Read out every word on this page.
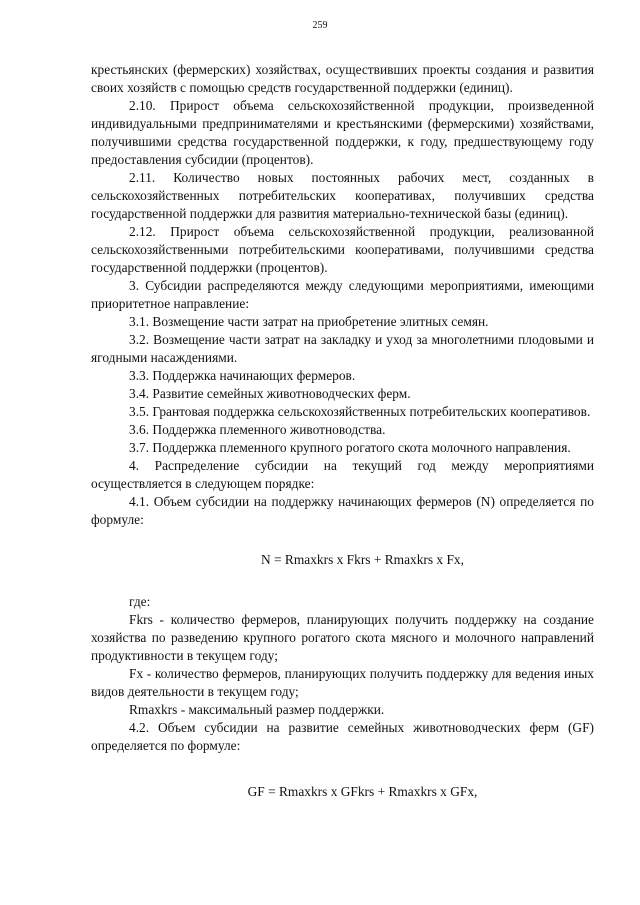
259

крестьянских (фермерских) хозяйствах, осуществивших проекты создания и развития своих хозяйств с помощью средств государственной поддержки (единиц).

2.10. Прирост объема сельскохозяйственной продукции, произведенной индивидуальными предпринимателями и крестьянскими (фермерскими) хозяйствами, получившими средства государственной поддержки, к году, предшествующему году предоставления субсидии (процентов).

2.11. Количество новых постоянных рабочих мест, созданных в сельскохозяйственных потребительских кооперативах, получивших средства государственной поддержки для развития материально-технической базы (единиц).

2.12. Прирост объема сельскохозяйственной продукции, реализованной сельскохозяйственными потребительскими кооперативами, получившими средства государственной поддержки (процентов).

3. Субсидии распределяются между следующими мероприятиями, имеющими приоритетное направление:

3.1. Возмещение части затрат на приобретение элитных семян.

3.2. Возмещение части затрат на закладку и уход за многолетними плодовыми и ягодными насаждениями.

3.3. Поддержка начинающих фермеров.

3.4. Развитие семейных животноводческих ферм.

3.5. Грантовая поддержка сельскохозяйственных потребительских кооперативов.

3.6. Поддержка племенного животноводства.

3.7. Поддержка племенного крупного рогатого скота молочного направления.

4. Распределение субсидии на текущий год между мероприятиями осуществляется в следующем порядке:

4.1. Объем субсидии на поддержку начинающих фермеров (N) определяется по формуле:

N = Rmaxkrs x Fkrs + Rmaxkrs x Fx,

где:

Fkrs - количество фермеров, планирующих получить поддержку на создание хозяйства по разведению крупного рогатого скота мясного и молочного направлений продуктивности в текущем году;

Fx - количество фермеров, планирующих получить поддержку для ведения иных видов деятельности в текущем году;

Rmaxkrs - максимальный размер поддержки.

4.2. Объем субсидии на развитие семейных животноводческих ферм (GF) определяется по формуле:

GF = Rmaxkrs x GFkrs + Rmaxkrs x GFx,
